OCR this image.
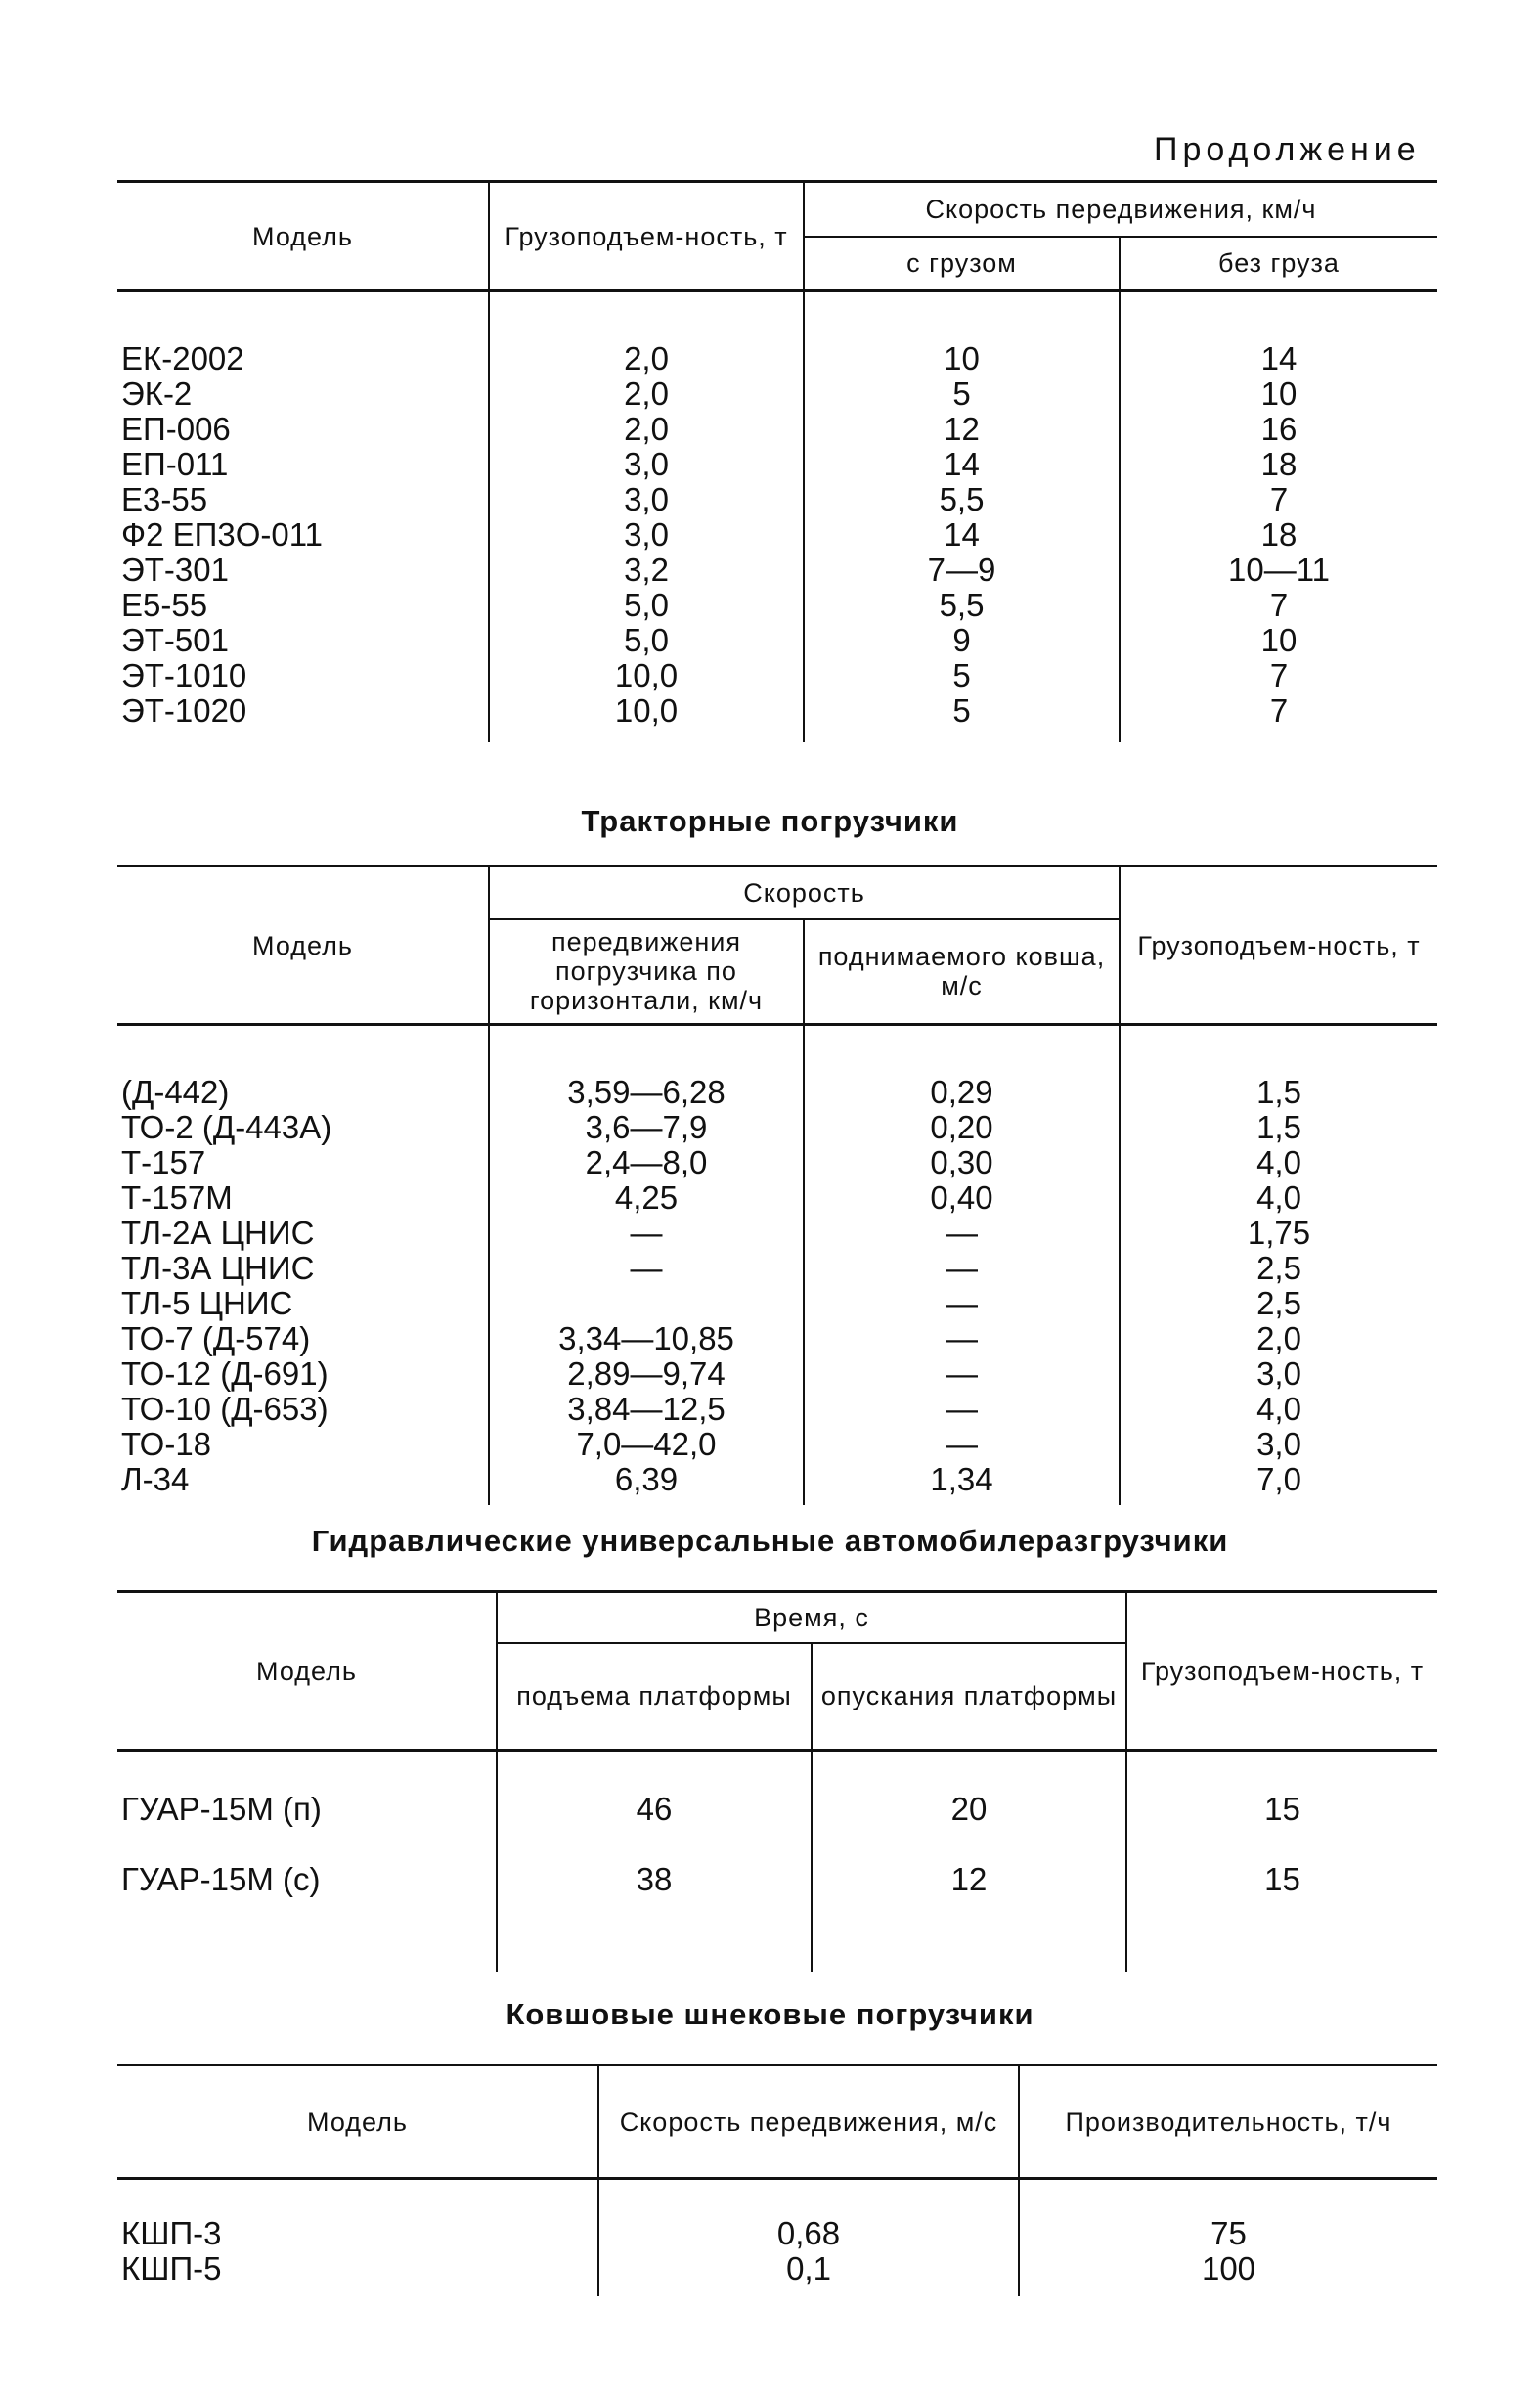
Продолжение
Модель	Грузоподъем-ность, т	Скорость передвижения, км/ч	
		с грузом	без груза

ЕК-2002	2,0	10	14
ЭК-2	2,0	5	10
ЕП-006	2,0	12	16
ЕП-011	3,0	14	18
Е3-55	3,0	5,5	7
Ф2 ЕП3О-011	3,0	14	18
ЭТ-301	3,2	7—9	10—11
Е5-55	5,0	5,5	7
ЭТ-501	5,0	9	10
ЭТ-1010	10,0	5	7
ЭТ-1020	10,0	5	7

Тракторные погрузчики
Модель	Скорость		Грузоподъем-ность, т
	передвижения погрузчика по горизонтали, км/ч	поднимаемого ковша, м/с	

(Д-442)	3,59—6,28	0,29	1,5
ТО-2 (Д-443А)	3,6—7,9	0,20	1,5
Т-157	2,4—8,0	0,30	4,0
Т-157М	4,25	0,40	4,0
ТЛ-2А ЦНИС	—	—	1,75
ТЛ-3А ЦНИС	—	—	2,5
ТЛ-5 ЦНИС		—	2,5
ТО-7 (Д-574)	3,34—10,85	—	2,0
ТО-12 (Д-691)	2,89—9,74	—	3,0
ТО-10 (Д-653)	3,84—12,5	—	4,0
ТО-18	7,0—42,0	—	3,0
Л-34	6,39	1,34	7,0

Гидравлические универсальные автомобилеразгрузчики
Модель	Время, с		Грузоподъем-ность, т
	подъема платформы	опускания платформы	

ГУАР-15М (п)	46	20	15
ГУАР-15М (с)	38	12	15

Ковшовые шнековые погрузчики
Модель	Скорость передвижения, м/с	Производительность, т/ч

КШП-3	0,68	75
КШП-5	0,1	100
